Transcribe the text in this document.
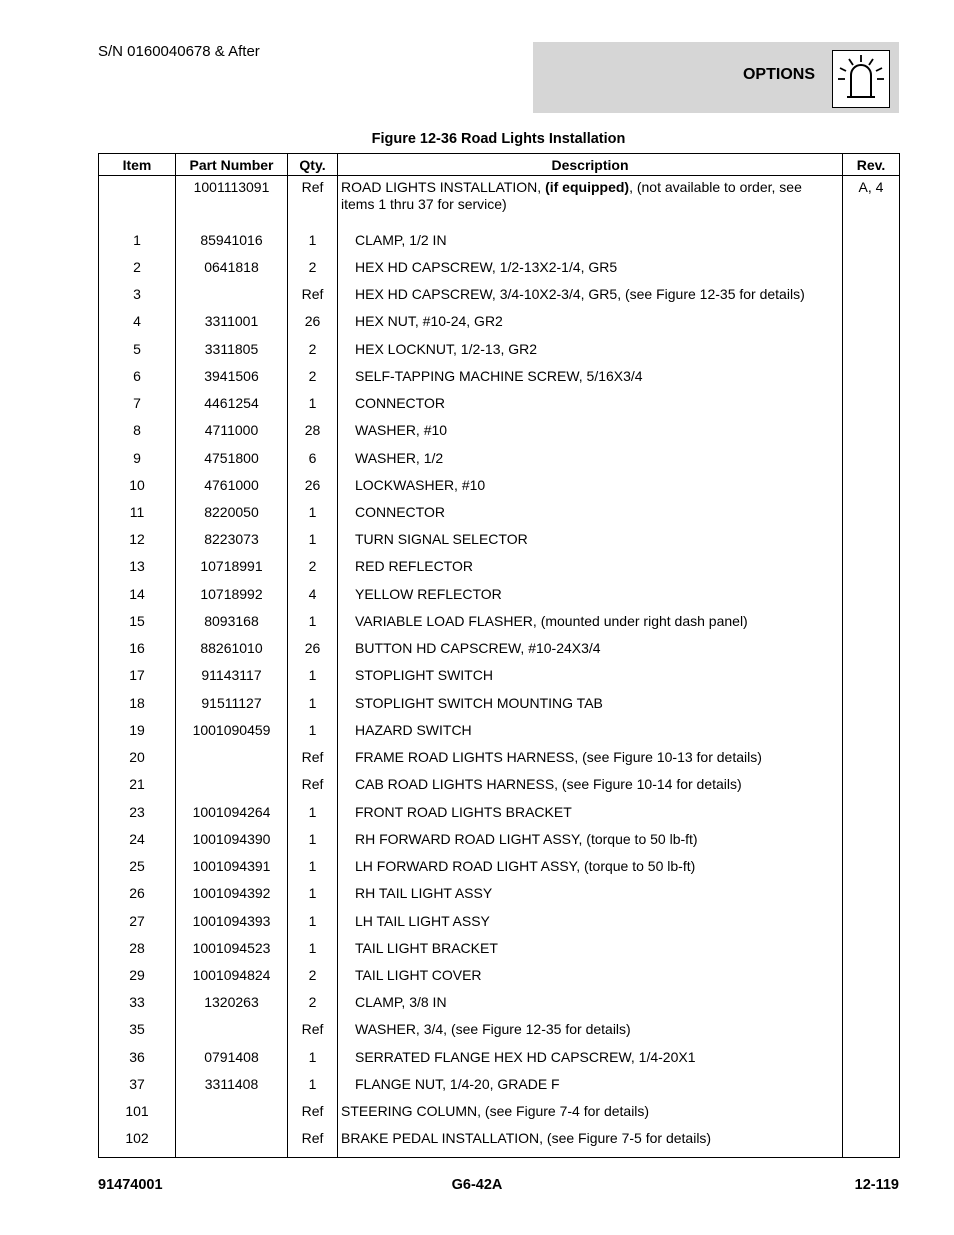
S/N 0160040678 & After
OPTIONS
Figure 12-36 Road Lights Installation
Item	Part Number	Qty.	Description	Rev.
	1001113091	Ref	ROAD LIGHTS INSTALLATION, (if equipped), (not available to order, see items 1 thru 37 for service)	A, 4
1	85941016	1	CLAMP, 1/2 IN	
2	0641818	2	HEX HD CAPSCREW, 1/2-13X2-1/4, GR5	
3		Ref	HEX HD CAPSCREW, 3/4-10X2-3/4, GR5, (see Figure 12-35 for details)	
4	3311001	26	HEX NUT, #10-24, GR2	
5	3311805	2	HEX LOCKNUT, 1/2-13, GR2	
6	3941506	2	SELF-TAPPING MACHINE SCREW, 5/16X3/4	
7	4461254	1	CONNECTOR	
8	4711000	28	WASHER, #10	
9	4751800	6	WASHER, 1/2	
10	4761000	26	LOCKWASHER, #10	
11	8220050	1	CONNECTOR	
12	8223073	1	TURN SIGNAL SELECTOR	
13	10718991	2	RED REFLECTOR	
14	10718992	4	YELLOW REFLECTOR	
15	8093168	1	VARIABLE LOAD FLASHER, (mounted under right dash panel)	
16	88261010	26	BUTTON HD CAPSCREW, #10-24X3/4	
17	91143117	1	STOPLIGHT SWITCH	
18	91511127	1	STOPLIGHT SWITCH MOUNTING TAB	
19	1001090459	1	HAZARD SWITCH	
20		Ref	FRAME ROAD LIGHTS HARNESS, (see Figure 10-13 for details)	
21		Ref	CAB ROAD LIGHTS HARNESS, (see Figure 10-14 for details)	
23	1001094264	1	FRONT ROAD LIGHTS BRACKET	
24	1001094390	1	RH FORWARD ROAD LIGHT ASSY, (torque to 50 lb-ft)	
25	1001094391	1	LH FORWARD ROAD LIGHT ASSY, (torque to 50 lb-ft)	
26	1001094392	1	RH TAIL LIGHT ASSY	
27	1001094393	1	LH TAIL LIGHT ASSY	
28	1001094523	1	TAIL LIGHT BRACKET	
29	1001094824	2	TAIL LIGHT COVER	
33	1320263	2	CLAMP, 3/8 IN	
35		Ref	WASHER, 3/4, (see Figure 12-35 for details)	
36	0791408	1	SERRATED FLANGE HEX HD CAPSCREW, 1/4-20X1	
37	3311408	1	FLANGE NUT, 1/4-20, GRADE F	
101		Ref	STEERING COLUMN, (see Figure 7-4 for details)	
102		Ref	BRAKE PEDAL INSTALLATION, (see Figure 7-5 for details)	

91474001	G6-42A	12-119
